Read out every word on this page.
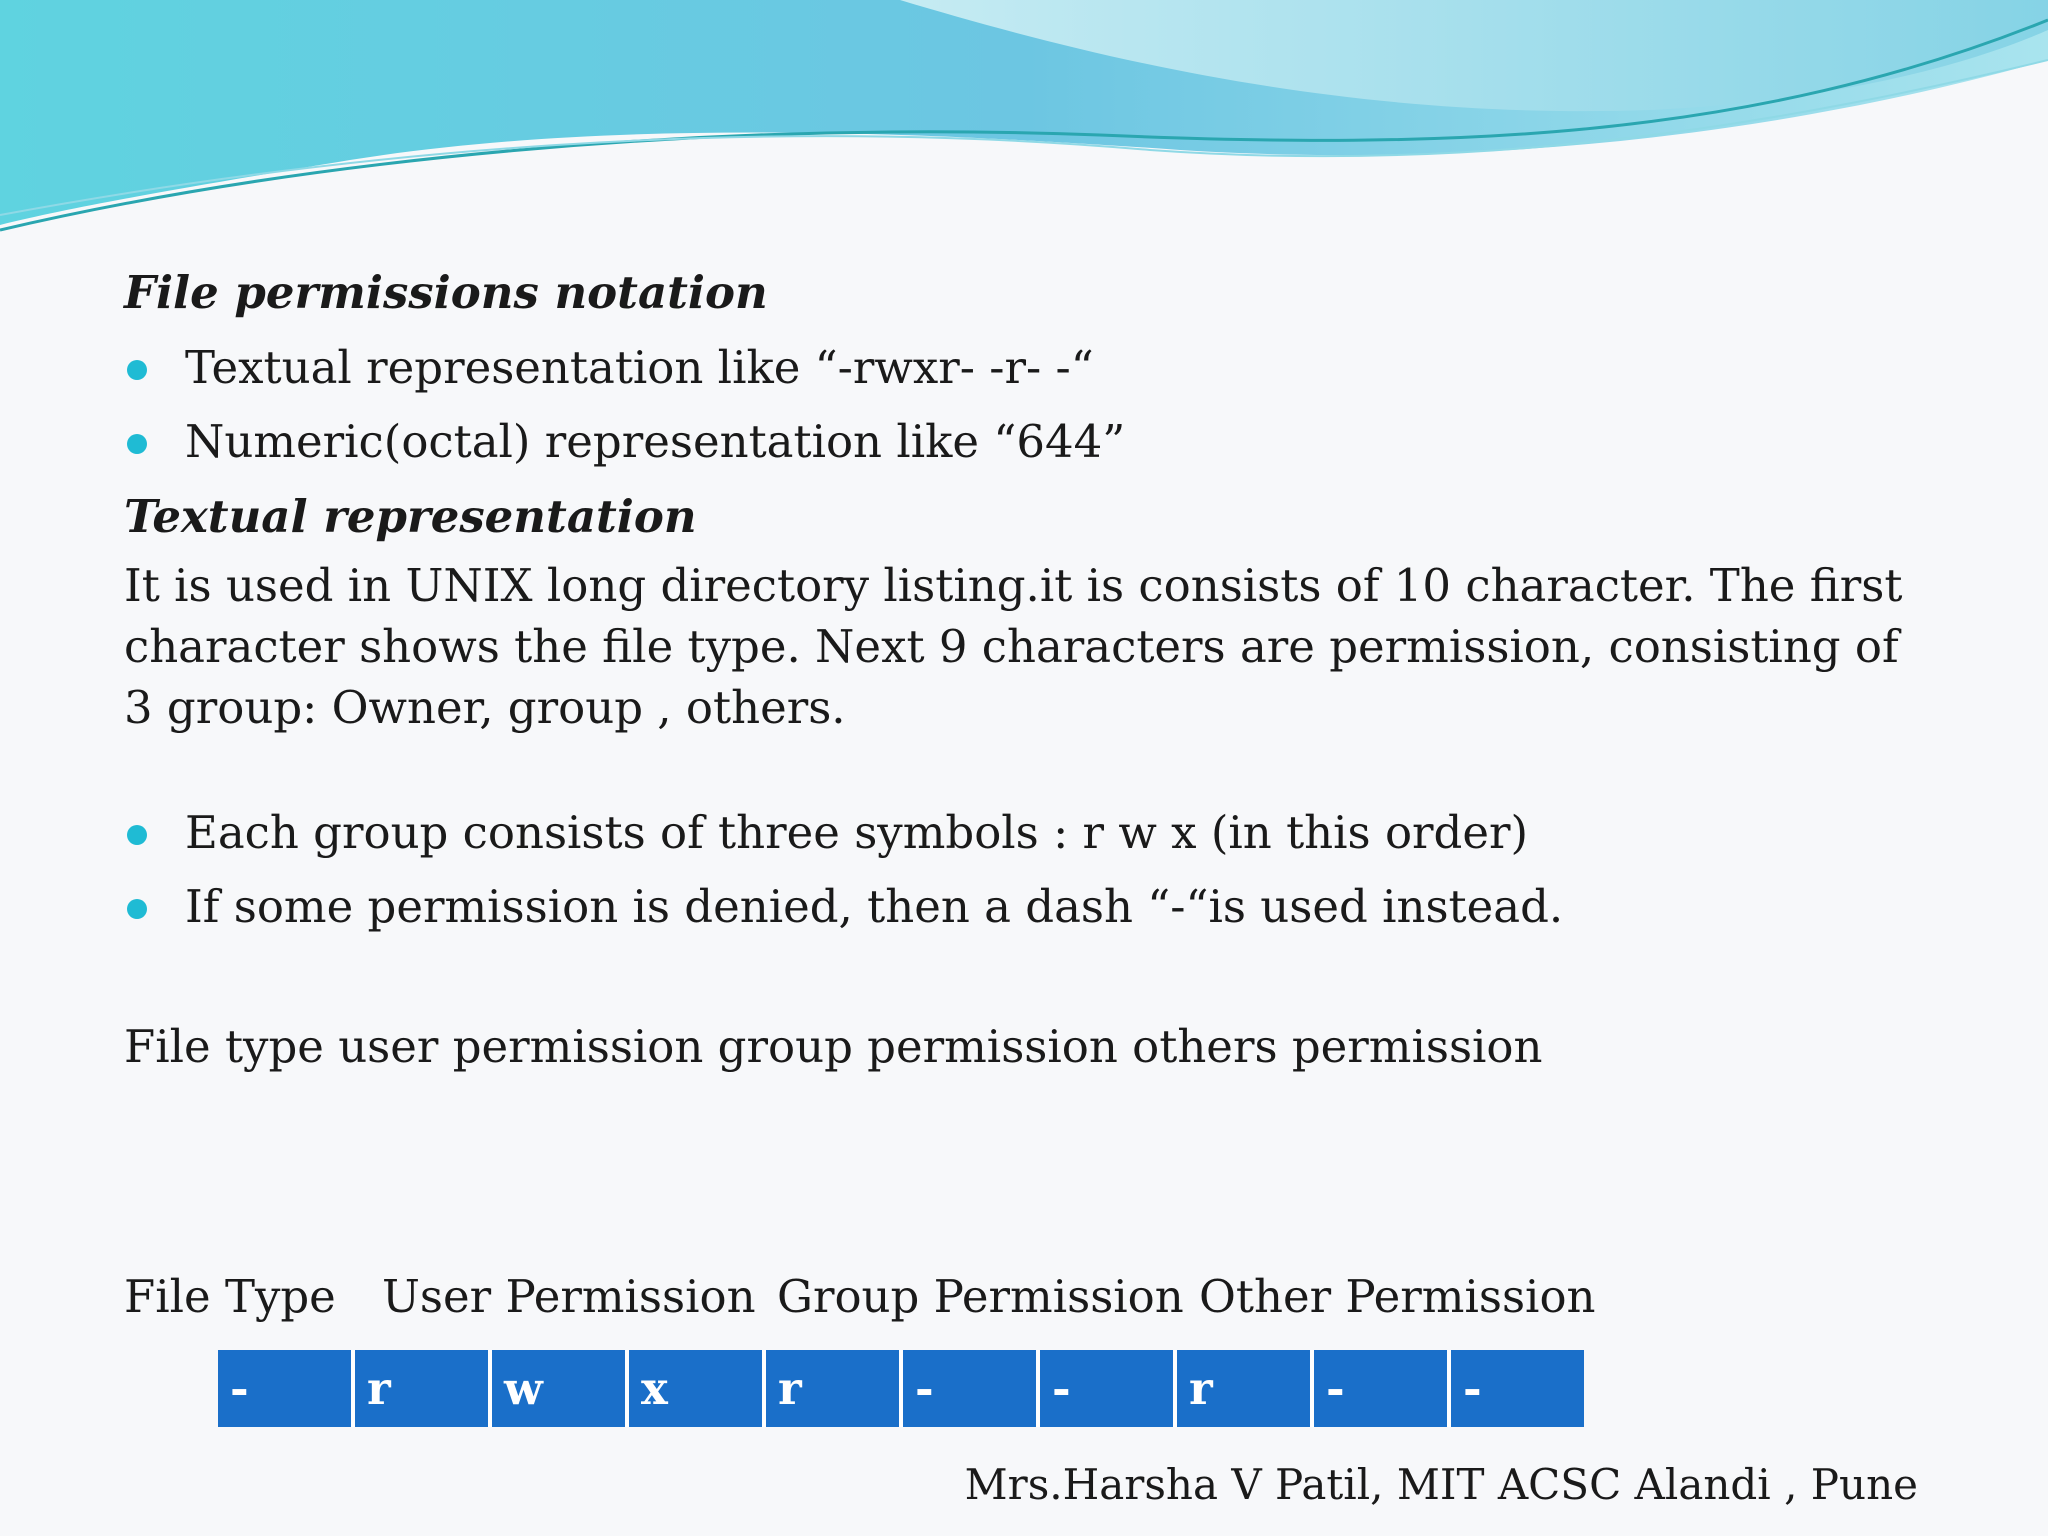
File permissions notation

Textual representation like “-rwxr- -r- -“
Numeric(octal) representation like “644”

Textual representation

It is used in UNIX long directory listing.it is consists of 10 character. The first character shows the file type. Next 9 characters are permission, consisting of 3 group: Owner, group , others.

Each group consists of three symbols : r w x (in this order)
If some permission is denied, then a dash “-“is used instead.

File type user permission group permission others permission

File Type User Permission Group Permission Other Permission
-	r	w	x	r	-	-	r	-	-
Mrs.Harsha V Patil, MIT ACSC Alandi , Pune
